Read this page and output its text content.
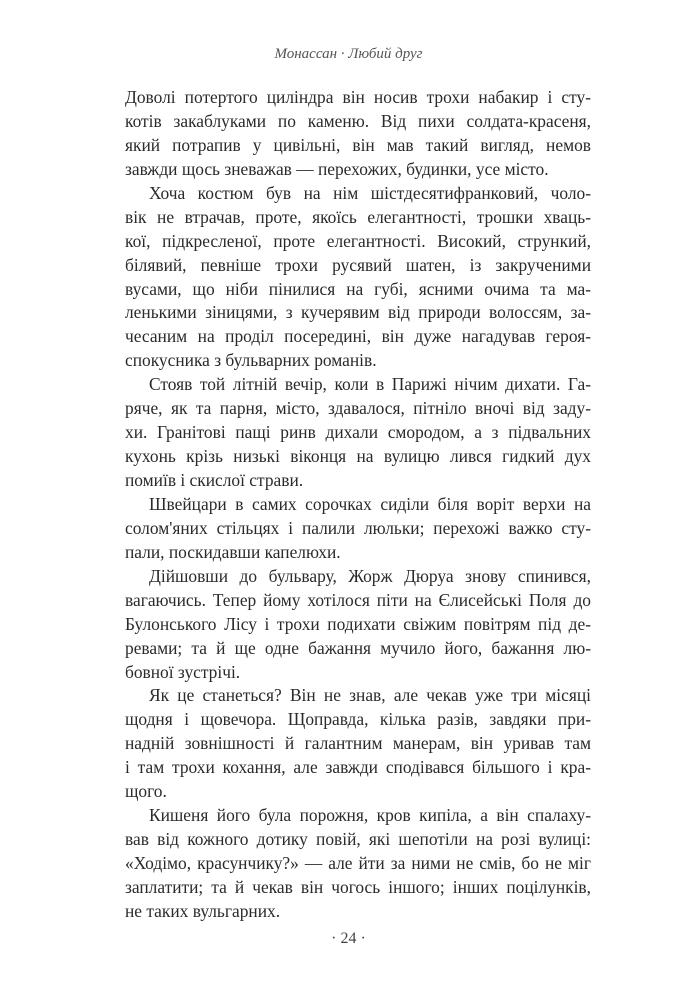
Монассан · Любий друг
Доволі потертого циліндра він носив трохи набакир і сту-
котів закаблуками по каменю. Від пихи солдата-красеня,
який потрапив у цивільні, він мав такий вигляд, немов
завжди щось зневажав — перехожих, будинки, усе місто.
Хоча костюм був на нім шістдесятифранковий, чоло-
вік не втрачав, проте, якоїсь елегантності, трошки хваць-
кої, підкресленої, проте елегантності. Високий, стрункий,
білявий, певніше трохи русявий шатен, із закрученими
вусами, що ніби пінилися на губі, ясними очима та ма-
ленькими зіницями, з кучерявим від природи волоссям, за-
чесаним на проділ посередині, він дуже нагадував героя-
спокусника з бульварних романів.
Стояв той літній вечір, коли в Парижі нічим дихати. Га-
ряче, як та парня, місто, здавалося, пітніло вночі від заду-
хи. Гранітові пащі ринв дихали смородом, а з підвальних
кухонь крізь низькі віконця на вулицю лився гидкий дух
помиїв і скислої страви.
Швейцари в самих сорочках сиділи біля воріт верхи на
солом'яних стільцях і палили люльки; перехожі важко сту-
пали, поскидавши капелюхи.
Дійшовши до бульвару, Жорж Дюруа знову спинився,
вагаючись. Тепер йому хотілося піти на Єлисейські Поля до
Булонського Лісу і трохи подихати свіжим повітрям під де-
ревами; та й ще одне бажання мучило його, бажання лю-
бовної зустрічі.
Як це станеться? Він не знав, але чекав уже три місяці
щодня і щовечора. Щоправда, кілька разів, завдяки при-
надній зовнішності й галантним манерам, він уривав там
і там трохи кохання, але завжди сподівався більшого і кра-
щого.
Кишеня його була порожня, кров кипіла, а він спалаху-
вав від кожного дотику повій, які шепотіли на розі вулиці:
«Ходімо, красунчику?» — але йти за ними не смів, бо не міг
заплатити; та й чекав він чогось іншого; інших поцілунків,
не таких вульгарних.
· 24 ·
